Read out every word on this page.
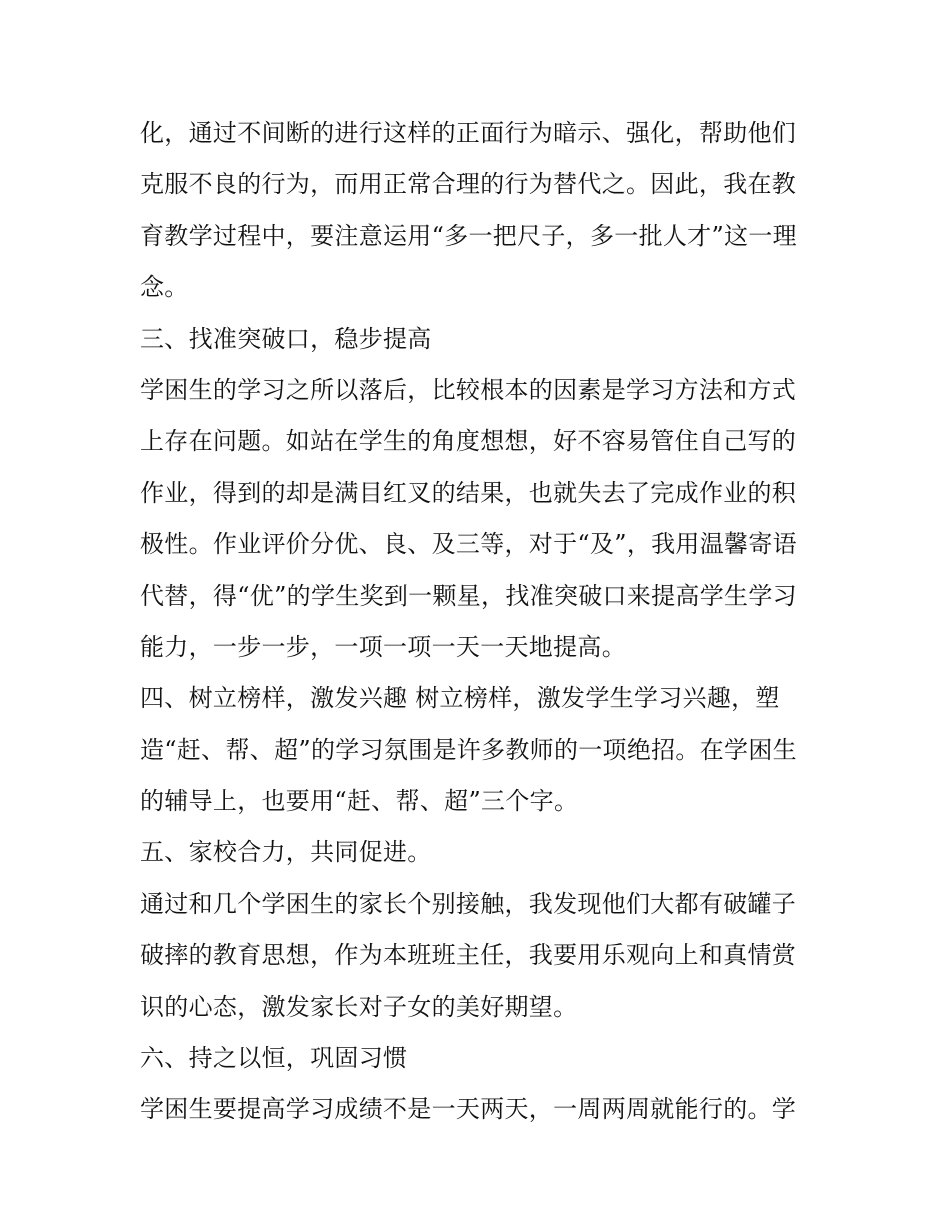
化，通过不间断的进行这样的正面行为暗示、强化，帮助他们
克服不良的行为，而用正常合理的行为替代之。因此，我在教
育教学过程中，要注意运用“多一把尺子，多一批人才”这一理
念。
三、找准突破口，稳步提高
学困生的学习之所以落后，比较根本的因素是学习方法和方式
上存在问题。如站在学生的角度想想，好不容易管住自己写的
作业，得到的却是满目红叉的结果，也就失去了完成作业的积
极性。作业评价分优、良、及三等，对于“及”，我用温馨寄语
代替，得“优”的学生奖到一颗星，找准突破口来提高学生学习
能力，一步一步，一项一项一天一天地提高。
四、树立榜样，激发兴趣 树立榜样，激发学生学习兴趣，塑
造“赶、帮、超”的学习氛围是许多教师的一项绝招。在学困生
的辅导上，也要用“赶、帮、超”三个字。
五、家校合力，共同促进。
通过和几个学困生的家长个别接触，我发现他们大都有破罐子
破摔的教育思想，作为本班班主任，我要用乐观向上和真情赏
识的心态，激发家长对子女的美好期望。
六、持之以恒，巩固习惯
学困生要提高学习成绩不是一天两天，一周两周就能行的。学
